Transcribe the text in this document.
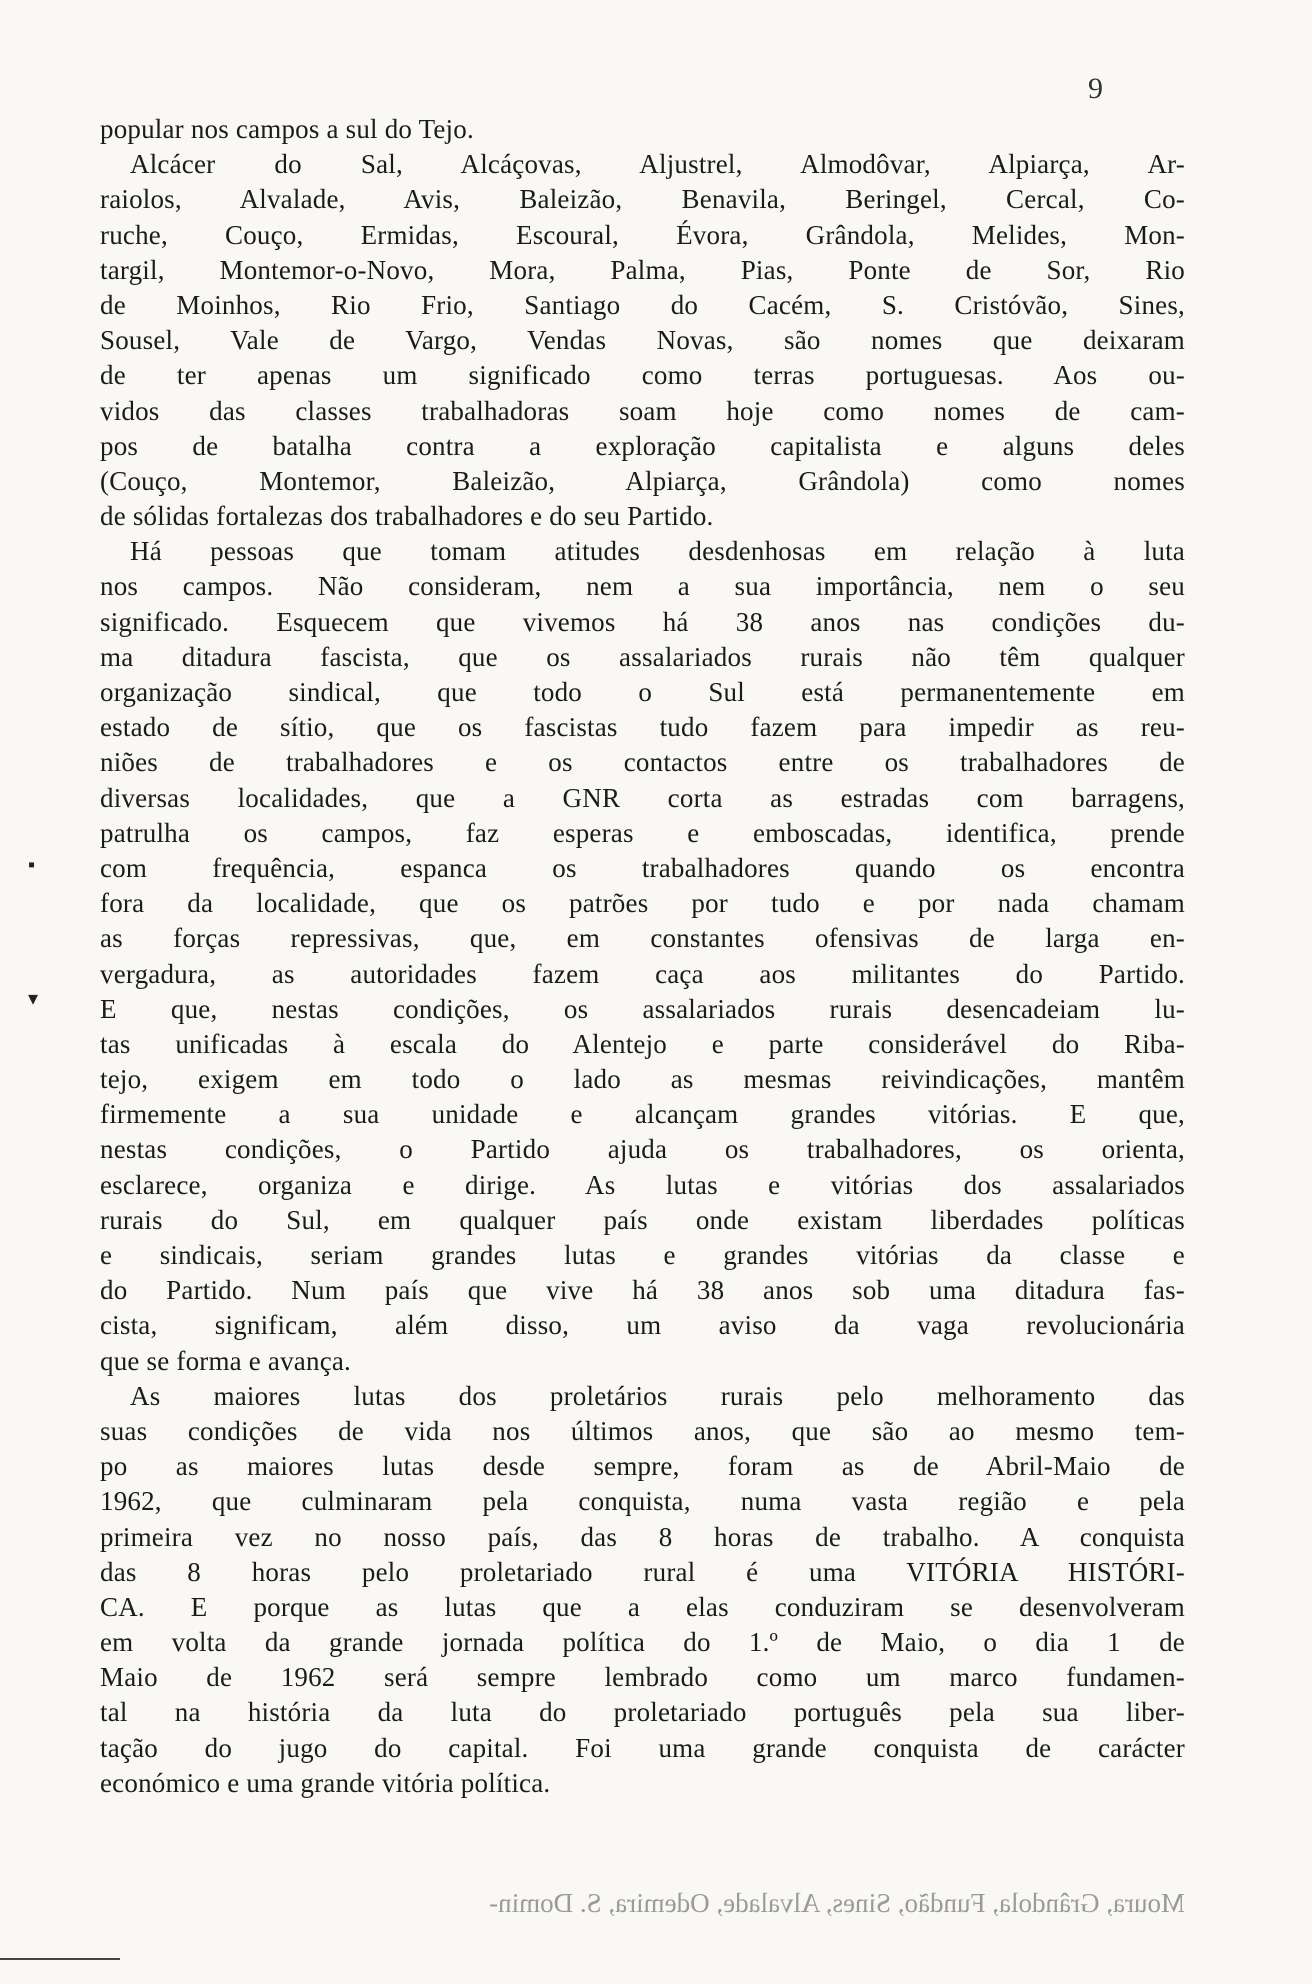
9
popular nos campos a sul do Tejo.
Alcácer do Sal, Alcáçovas, Aljustrel, Almodôvar, Alpiarça, Ar-
raiolos, Alvalade, Avis, Baleizão, Benavila, Beringel, Cercal, Co-
ruche, Couço, Ermidas, Escoural, Évora, Grândola, Melides, Mon-
targil, Montemor-o-Novo, Mora, Palma, Pias, Ponte de Sor, Rio
de Moinhos, Rio Frio, Santiago do Cacém, S. Cristóvão, Sines,
Sousel, Vale de Vargo, Vendas Novas, são nomes que deixaram
de ter apenas um significado como terras portuguesas. Aos ou-
vidos das classes trabalhadoras soam hoje como nomes de cam-
pos de batalha contra a exploração capitalista e alguns deles
(Couço, Montemor, Baleizão, Alpiarça, Grândola) como nomes
de sólidas fortalezas dos trabalhadores e do seu Partido.
Há pessoas que tomam atitudes desdenhosas em relação à luta
nos campos. Não consideram, nem a sua importância, nem o seu
significado. Esquecem que vivemos há 38 anos nas condições du-
ma ditadura fascista, que os assalariados rurais não têm qualquer
organização sindical, que todo o Sul está permanentemente em
estado de sítio, que os fascistas tudo fazem para impedir as reu-
niões de trabalhadores e os contactos entre os trabalhadores de
diversas localidades, que a GNR corta as estradas com barragens,
patrulha os campos, faz esperas e emboscadas, identifica, prende
com frequência, espanca os trabalhadores quando os encontra
fora da localidade, que os patrões por tudo e por nada chamam
as forças repressivas, que, em constantes ofensivas de larga en-
vergadura, as autoridades fazem caça aos militantes do Partido.
E que, nestas condições, os assalariados rurais desencadeiam lu-
tas unificadas à escala do Alentejo e parte considerável do Riba-
tejo, exigem em todo o lado as mesmas reivindicações, mantêm
firmemente a sua unidade e alcançam grandes vitórias. E que,
nestas condições, o Partido ajuda os trabalhadores, os orienta,
esclarece, organiza e dirige. As lutas e vitórias dos assalariados
rurais do Sul, em qualquer país onde existam liberdades políticas
e sindicais, seriam grandes lutas e grandes vitórias da classe e
do Partido. Num país que vive há 38 anos sob uma ditadura fas-
cista, significam, além disso, um aviso da vaga revolucionária
que se forma e avança.
As maiores lutas dos proletários rurais pelo melhoramento das
suas condições de vida nos últimos anos, que são ao mesmo tem-
po as maiores lutas desde sempre, foram as de Abril-Maio de
1962, que culminaram pela conquista, numa vasta região e pela
primeira vez no nosso país, das 8 horas de trabalho. A conquista
das 8 horas pelo proletariado rural é uma VITÓRIA HISTÓRI-
CA. E porque as lutas que a elas conduziram se desenvolveram
em volta da grande jornada política do 1.º de Maio, o dia 1 de
Maio de 1962 será sempre lembrado como um marco fundamen-
tal na história da luta do proletariado português pela sua liber-
tação do jugo do capital. Foi uma grande conquista de carácter
económico e uma grande vitória política.
Moura, Grândola, Fundão, Sines, Alvalade, Odemira, S. Domin-
▪
▾
